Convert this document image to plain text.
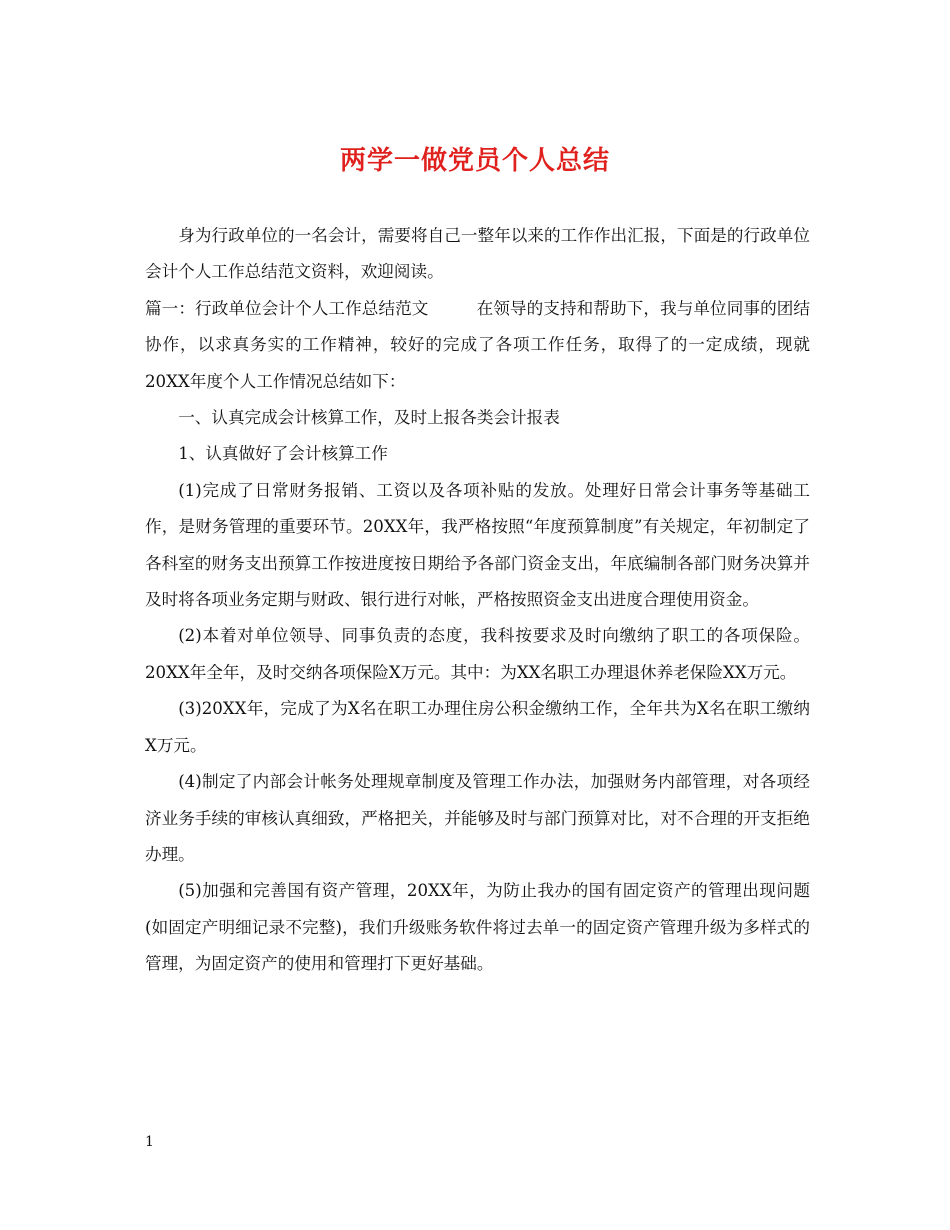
两学一做党员个人总结

身为行政单位的一名会计，需要将自己一整年以来的工作作出汇报，下面是的行政单位会计个人工作总结范文资料，欢迎阅读。

篇一：行政单位会计个人工作总结范文	在领导的支持和帮助下，我与单位同事的团结协作，以求真务实的工作精神，较好的完成了各项工作任务，取得了的一定成绩，现就20XX年度个人工作情况总结如下：

一、认真完成会计核算工作，及时上报各类会计报表

1、认真做好了会计核算工作

(1)完成了日常财务报销、工资以及各项补贴的发放。处理好日常会计事务等基础工作，是财务管理的重要环节。20XX年，我严格按照“年度预算制度”有关规定，年初制定了各科室的财务支出预算工作按进度按日期给予各部门资金支出，年底编制各部门财务决算并及时将各项业务定期与财政、银行进行对帐，严格按照资金支出进度合理使用资金。

(2)本着对单位领导、同事负责的态度，我科按要求及时向缴纳了职工的各项保险。20XX年全年，及时交纳各项保险X万元。其中：为XX名职工办理退休养老保险XX万元。

(3)20XX年，完成了为X名在职工办理住房公积金缴纳工作，全年共为X名在职工缴纳X万元。

(4)制定了内部会计帐务处理规章制度及管理工作办法，加强财务内部管理，对各项经济业务手续的审核认真细致，严格把关，并能够及时与部门预算对比，对不合理的开支拒绝办理。

(5)加强和完善国有资产管理，20XX年，为防止我办的国有固定资产的管理出现问题(如固定产明细记录不完整)，我们升级账务软件将过去单一的固定资产管理升级为多样式的管理，为固定资产的使用和管理打下更好基础。

1
